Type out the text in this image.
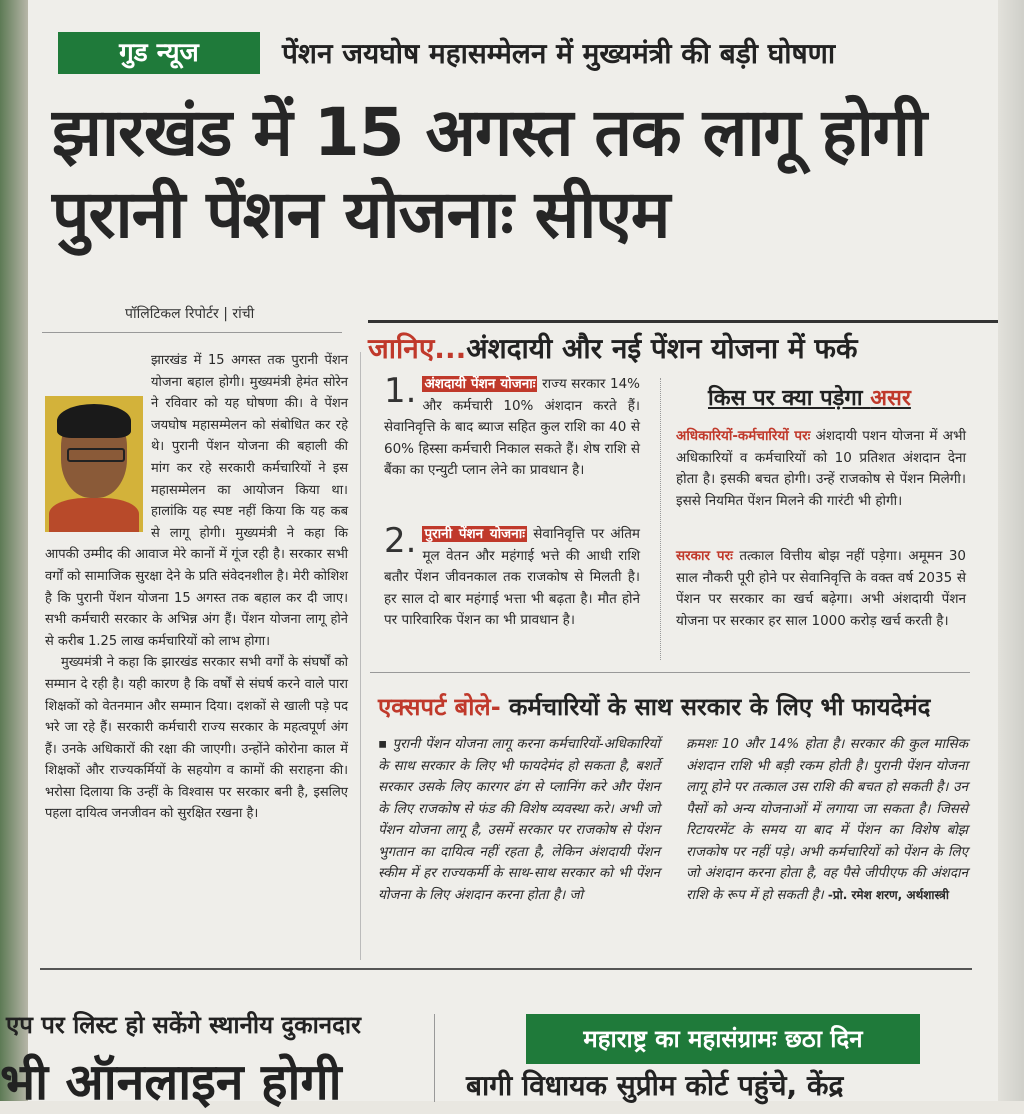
गुड न्यूज	पेंशन जयघोष महासम्मेलन में मुख्यमंत्री की बड़ी घोषणा
झारखंड में 15 अगस्त तक लागू होगी पुरानी पेंशन योजनाः सीएम
पॉलिटिकल रिपोर्टर | रांची

झारखंड में 15 अगस्त तक पुरानी पेंशन योजना बहाल होगी। मुख्यमंत्री हेमंत सोरेन ने रविवार को यह घोषणा की। वे पेंशन जयघोष महासम्मेलन को संबोधित कर रहे थे। पुरानी पेंशन योजना की बहाली की मांग कर रहे सरकारी कर्मचारियों ने इस महासम्मेलन का आयोजन किया था। हालांकि यह स्पष्ट नहीं किया कि यह कब से लागू होगी। मुख्यमंत्री ने कहा कि आपकी उम्मीद की आवाज मेरे कानों में गूंज रही है। सरकार सभी वर्गों को सामाजिक सुरक्षा देने के प्रति संवेदनशील है। मेरी कोशिश है कि पुरानी पेंशन योजना 15 अगस्त तक बहाल कर दी जाए। सभी कर्मचारी सरकार के अभिन्न अंग हैं। पेंशन योजना लागू होने से करीब 1.25 लाख कर्मचारियों को लाभ होगा।

मुख्यमंत्री ने कहा कि झारखंड सरकार सभी वर्गों के संघर्षों को सम्मान दे रही है। यही कारण है कि वर्षों से संघर्ष करने वाले पारा शिक्षकों को वेतनमान और सम्मान दिया। दशकों से खाली पड़े पद भरे जा रहे हैं। सरकारी कर्मचारी राज्य सरकार के महत्वपूर्ण अंग हैं। उनके अधिकारों की रक्षा की जाएगी। उन्होंने कोरोना काल में शिक्षकों और राज्यकर्मियों के सहयोग व कामों की सराहना की। भरोसा दिलाया कि उन्हीं के विश्वास पर सरकार बनी है, इसलिए पहला दायित्व जनजीवन को सुरक्षित रखना है।

जानिए...अंशदायी और नई पेंशन योजना में फर्क
1. अंशदायी पेंशन योजनाः राज्य सरकार 14% और कर्मचारी 10% अंशदान करते हैं। सेवानिवृत्ति के बाद ब्याज सहित कुल राशि का 40 से 60% हिस्सा कर्मचारी निकाल सकते हैं। शेष राशि से बैंका का एन्युटी प्लान लेने का प्रावधान है।
2. पुरानी पेंशन योजनाः सेवानिवृत्ति पर अंतिम मूल वेतन और महंगाई भत्ते की आधी राशि बतौर पेंशन जीवनकाल तक राजकोष से मिलती है। हर साल दो बार महंगाई भत्ता भी बढ़ता है। मौत होने पर पारिवारिक पेंशन का भी प्रावधान है।
किस पर क्या पड़ेगा असर
अधिकारियों-कर्मचारियों परः अंशदायी पशन योजना में अभी अधिकारियों व कर्मचारियों को 10 प्रतिशत अंशदान देना होता है। इसकी बचत होगी। उन्हें राजकोष से पेंशन मिलेगी। इससे नियमित पेंशन मिलने की गारंटी भी होगी।
सरकार परः तत्काल वित्तीय बोझ नहीं पड़ेगा। अमूमन 30 साल नौकरी पूरी होने पर सेवानिवृत्ति के वक्त वर्ष 2035 से पेंशन पर सरकार का खर्च बढ़ेगा। अभी अंशदायी पेंशन योजना पर सरकार हर साल 1000 करोड़ खर्च करती है।
एक्सपर्ट बोले- कर्मचारियों के साथ सरकार के लिए भी फायदेमंद
▪ पुरानी पेंशन योजना लागू करना कर्मचारियों-अधिकारियों के साथ सरकार के लिए भी फायदेमंद हो सकता है, बशर्ते सरकार उसके लिए कारगर ढंग से प्लानिंग करे और पेंशन के लिए राजकोष से फंड की विशेष व्यवस्था करे। अभी जो पेंशन योजना लागू है, उसमें सरकार पर राजकोष से पेंशन भुगतान का दायित्व नहीं रहता है, लेकिन अंशदायी पेंशन स्कीम में हर राज्यकर्मी के साथ-साथ सरकार को भी पेंशन योजना के लिए अंशदान करना होता है। जो
क्रमशः 10 और 14% होता है। सरकार की कुल मासिक अंशदान राशि भी बड़ी रकम होती है। पुरानी पेंशन योजना लागू होने पर तत्काल उस राशि की बचत हो सकती है। उन पैसों को अन्य योजनाओं में लगाया जा सकता है। जिससे रिटायरमेंट के समय या बाद में पेंशन का विशेष बोझ राजकोष पर नहीं पड़े। अभी कर्मचारियों को पेंशन के लिए जो अंशदान करना होता है, वह पैसे जीपीएफ की अंशदान राशि के रूप में हो सकती है। -प्रो. रमेश शरण, अर्थशास्त्री
एप पर लिस्ट हो सकेंगे स्थानीय दुकानदार
भी ऑनलाइन होगी
महाराष्ट्र का महासंग्रामः छठा दिन
बागी विधायक सुप्रीम कोर्ट पहुंचे, केंद्र
